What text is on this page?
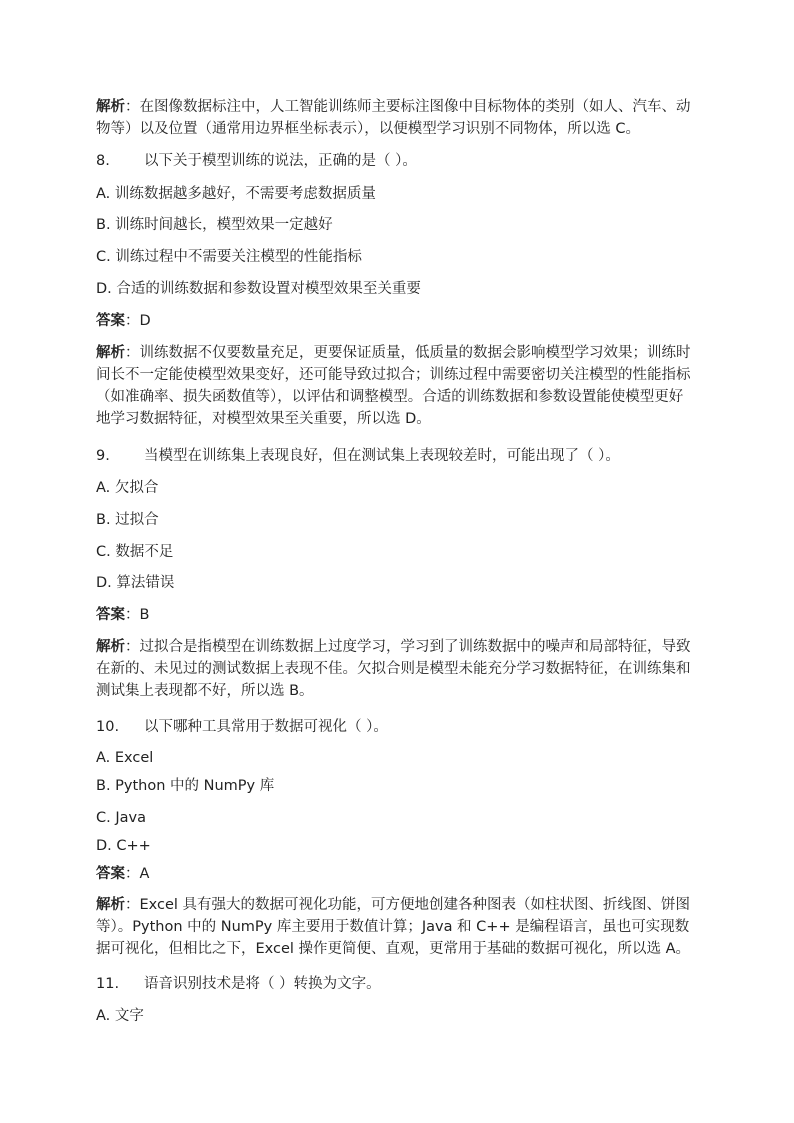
解析：在图像数据标注中，人工智能训练师主要标注图像中目标物体的类别（如人、汽车、动
物等）以及位置（通常用边界框坐标表示），以便模型学习识别不同物体，所以选 C。
8. 以下关于模型训练的说法，正确的是（ ）。
A. 训练数据越多越好，不需要考虑数据质量
B. 训练时间越长，模型效果一定越好
C. 训练过程中不需要关注模型的性能指标
D. 合适的训练数据和参数设置对模型效果至关重要
答案：D
解析：训练数据不仅要数量充足，更要保证质量，低质量的数据会影响模型学习效果；训练时
间长不一定能使模型效果变好，还可能导致过拟合；训练过程中需要密切关注模型的性能指标
（如准确率、损失函数值等），以评估和调整模型。合适的训练数据和参数设置能使模型更好
地学习数据特征，对模型效果至关重要，所以选 D。
9. 当模型在训练集上表现良好，但在测试集上表现较差时，可能出现了（ ）。
A. 欠拟合
B. 过拟合
C. 数据不足
D. 算法错误
答案：B
解析：过拟合是指模型在训练数据上过度学习，学习到了训练数据中的噪声和局部特征，导致
在新的、未见过的测试数据上表现不佳。欠拟合则是模型未能充分学习数据特征，在训练集和
测试集上表现都不好，所以选 B。
10. 以下哪种工具常用于数据可视化（ ）。
A. Excel
B. Python 中的 NumPy 库
C. Java
D. C++
答案：A
解析：Excel 具有强大的数据可视化功能，可方便地创建各种图表（如柱状图、折线图、饼图
等）。Python 中的 NumPy 库主要用于数值计算；Java 和 C++ 是编程语言，虽也可实现数
据可视化，但相比之下，Excel 操作更简便、直观，更常用于基础的数据可视化，所以选 A。
11. 语音识别技术是将（ ）转换为文字。
A. 文字
